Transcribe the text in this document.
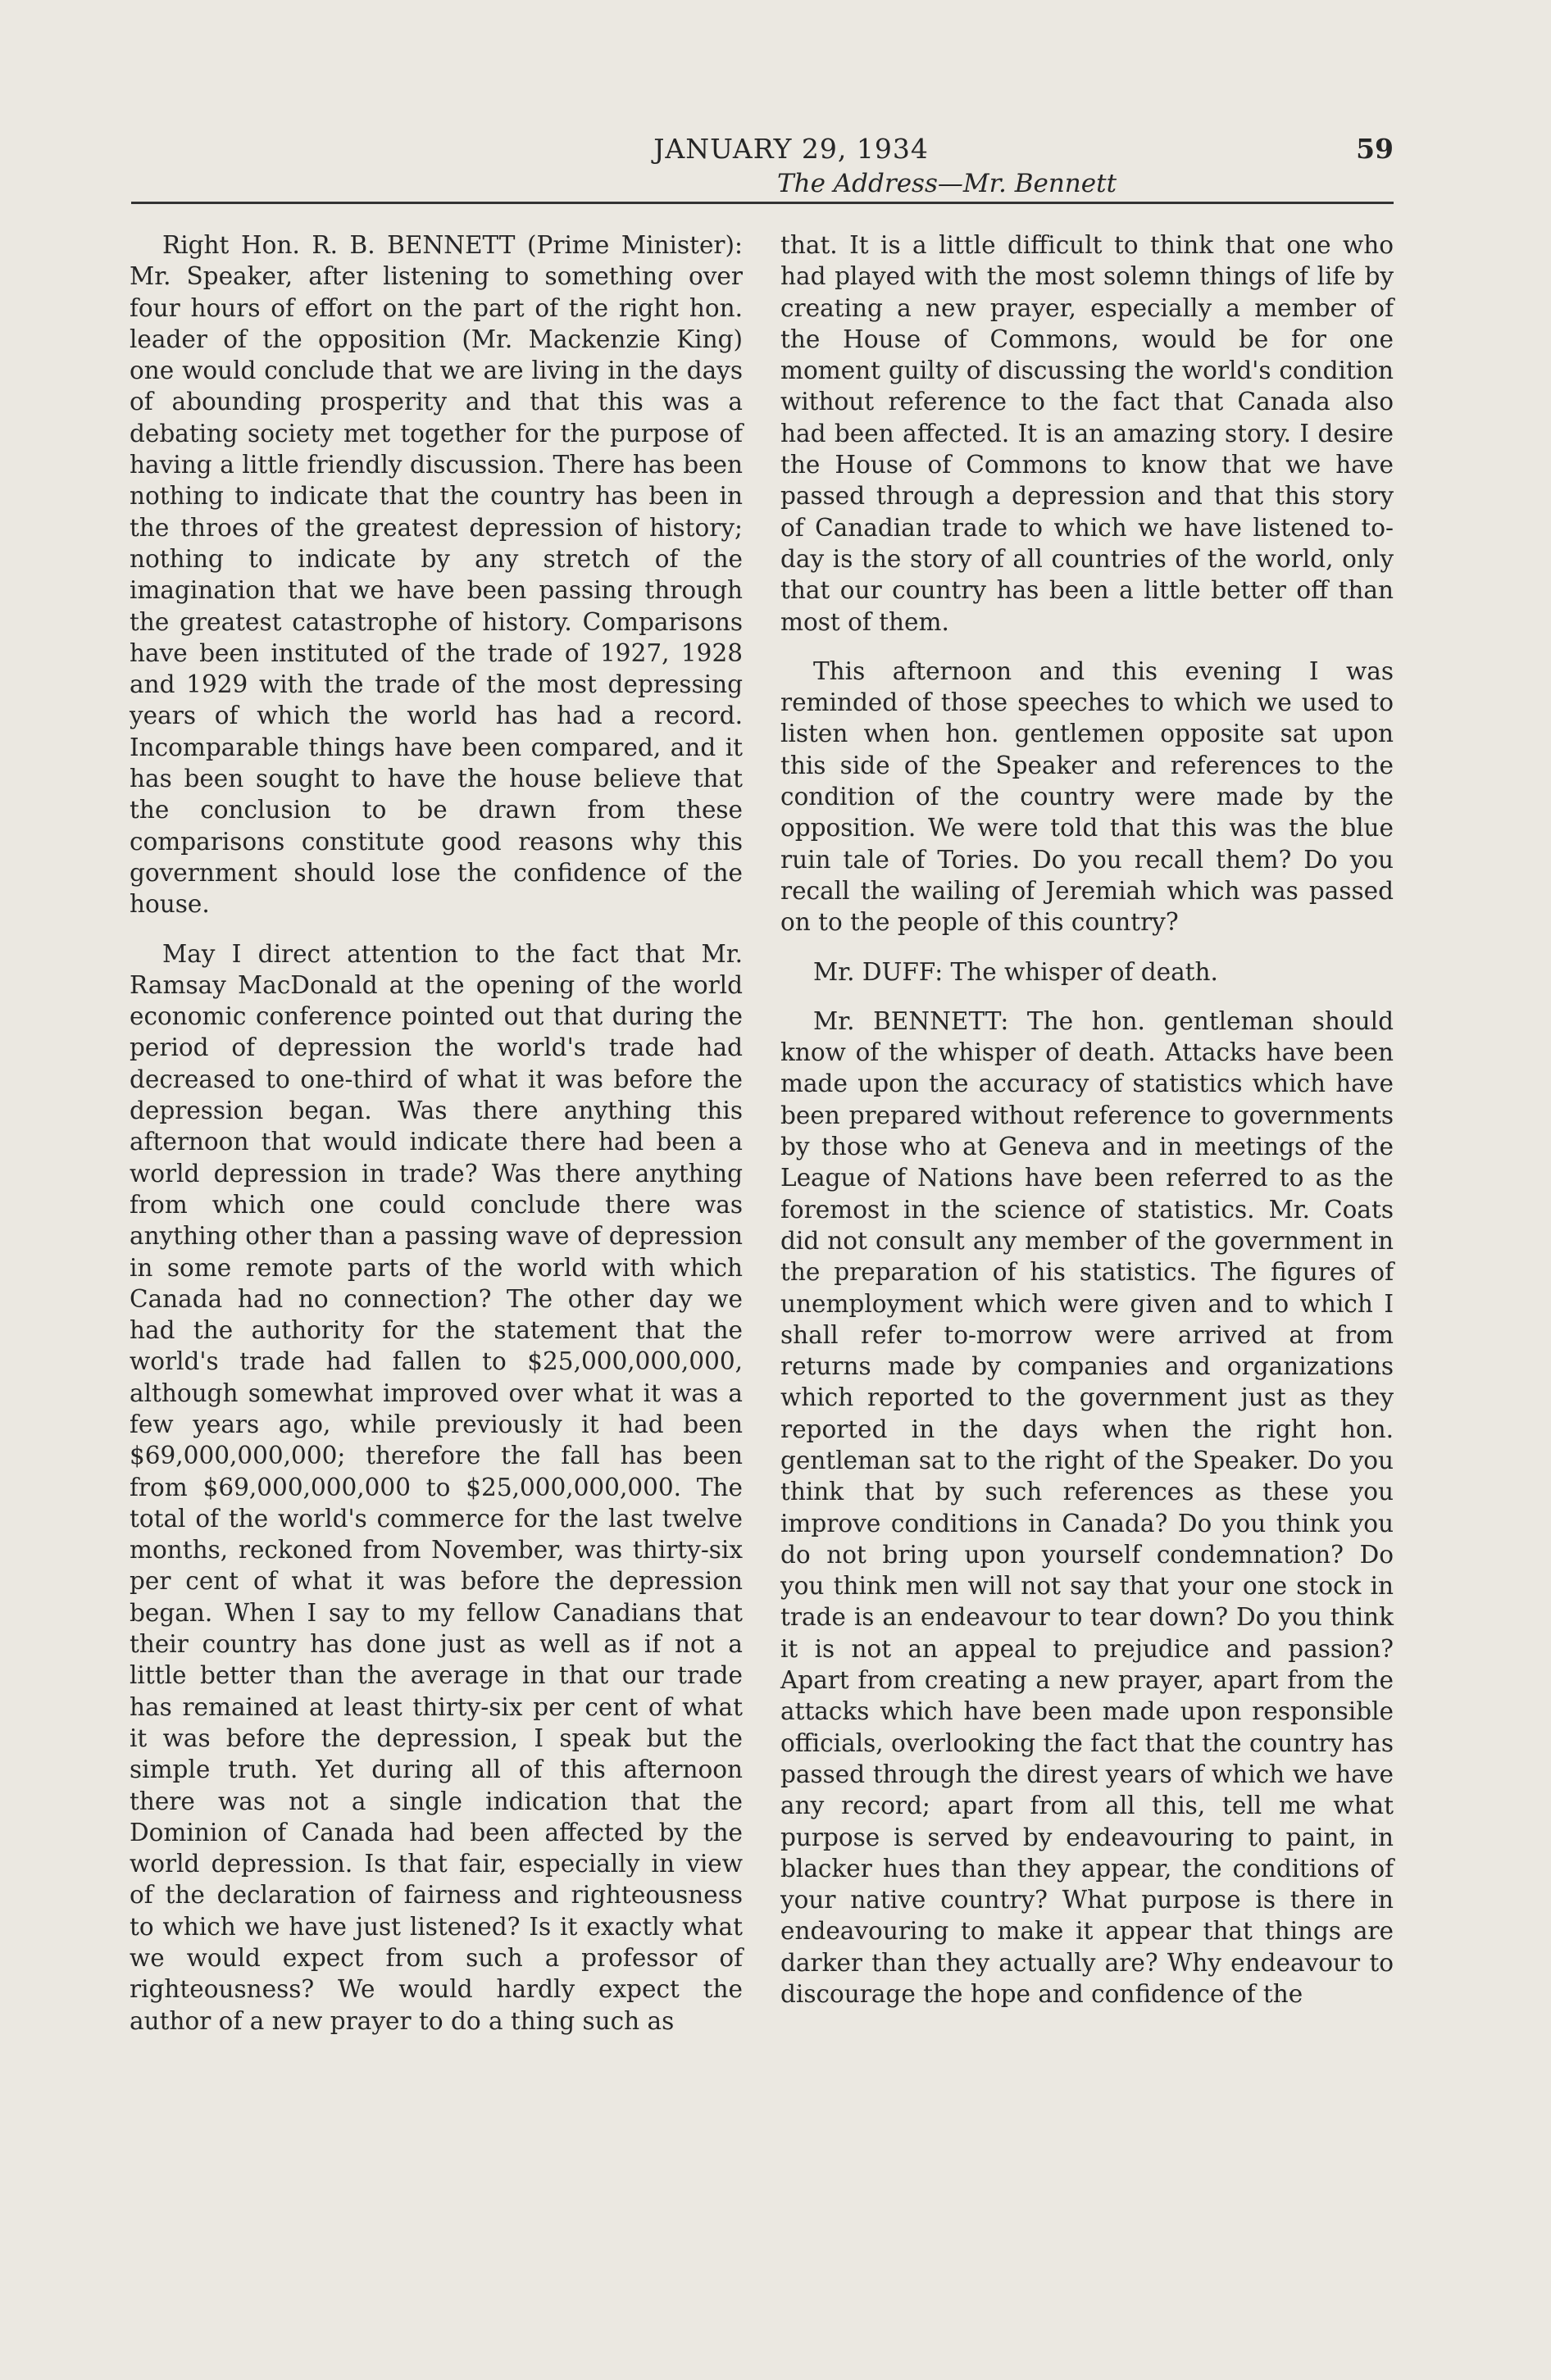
JANUARY 29, 1934	59
The Address—Mr. Bennett

Right Hon. R. B. BENNETT (Prime Minister): Mr. Speaker, after listening to something over four hours of effort on the part of the right hon. leader of the opposition (Mr. Mackenzie King) one would conclude that we are living in the days of abounding prosperity and that this was a debating society met together for the purpose of having a little friendly discussion. There has been nothing to indicate that the country has been in the throes of the greatest depression of history; nothing to indicate by any stretch of the imagination that we have been passing through the greatest catastrophe of history. Comparisons have been instituted of the trade of 1927, 1928 and 1929 with the trade of the most depressing years of which the world has had a record. Incomparable things have been compared, and it has been sought to have the house believe that the conclusion to be drawn from these comparisons constitute good reasons why this government should lose the confidence of the house.

May I direct attention to the fact that Mr. Ramsay MacDonald at the opening of the world economic conference pointed out that during the period of depression the world's trade had decreased to one-third of what it was before the depression began. Was there anything this afternoon that would indicate there had been a world depression in trade? Was there anything from which one could conclude there was anything other than a passing wave of depression in some remote parts of the world with which Canada had no connection? The other day we had the authority for the statement that the world's trade had fallen to $25,000,000,000, although somewhat improved over what it was a few years ago, while previously it had been $69,000,000,000; therefore the fall has been from $69,000,000,000 to $25,000,000,000. The total of the world's commerce for the last twelve months, reckoned from November, was thirty-six per cent of what it was before the depression began. When I say to my fellow Canadians that their country has done just as well as if not a little better than the average in that our trade has remained at least thirty-six per cent of what it was before the depression, I speak but the simple truth. Yet during all of this afternoon there was not a single indication that the Dominion of Canada had been affected by the world depression. Is that fair, especially in view of the declaration of fairness and righteousness to which we have just listened? Is it exactly what we would expect from such a professor of righteousness? We would hardly expect the author of a new prayer to do a thing such as

that. It is a little difficult to think that one who had played with the most solemn things of life by creating a new prayer, especially a member of the House of Commons, would be for one moment guilty of discussing the world's condition without reference to the fact that Canada also had been affected. It is an amazing story. I desire the House of Commons to know that we have passed through a depression and that this story of Canadian trade to which we have listened to-day is the story of all countries of the world, only that our country has been a little better off than most of them.

This afternoon and this evening I was reminded of those speeches to which we used to listen when hon. gentlemen opposite sat upon this side of the Speaker and references to the condition of the country were made by the opposition. We were told that this was the blue ruin tale of Tories. Do you recall them? Do you recall the wailing of Jeremiah which was passed on to the people of this country?

Mr. DUFF: The whisper of death.

Mr. BENNETT: The hon. gentleman should know of the whisper of death. Attacks have been made upon the accuracy of statistics which have been prepared without reference to governments by those who at Geneva and in meetings of the League of Nations have been referred to as the foremost in the science of statistics. Mr. Coats did not consult any member of the government in the preparation of his statistics. The figures of unemployment which were given and to which I shall refer to-morrow were arrived at from returns made by companies and organizations which reported to the government just as they reported in the days when the right hon. gentleman sat to the right of the Speaker. Do you think that by such references as these you improve conditions in Canada? Do you think you do not bring upon yourself condemnation? Do you think men will not say that your one stock in trade is an endeavour to tear down? Do you think it is not an appeal to prejudice and passion? Apart from creating a new prayer, apart from the attacks which have been made upon responsible officials, overlooking the fact that the country has passed through the direst years of which we have any record; apart from all this, tell me what purpose is served by endeavouring to paint, in blacker hues than they appear, the conditions of your native country? What purpose is there in endeavouring to make it appear that things are darker than they actually are? Why endeavour to discourage the hope and confidence of the
